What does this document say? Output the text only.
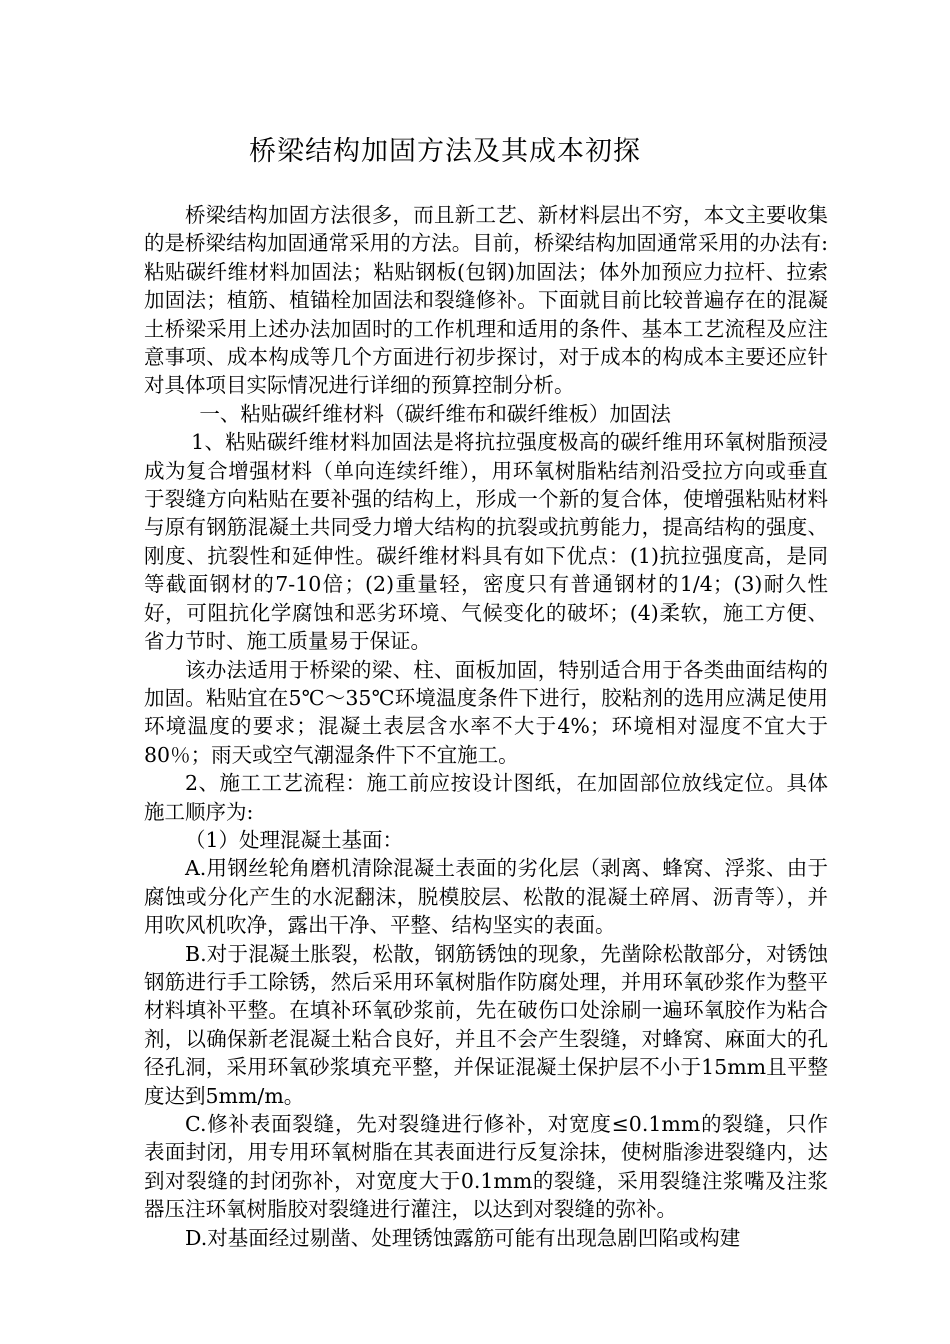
桥梁结构加固方法及其成本初探

桥梁结构加固方法很多，而且新工艺、新材料层出不穷，本文主要收集的是桥梁结构加固通常采用的方法。目前，桥梁结构加固通常采用的办法有:粘贴碳纤维材料加固法；粘贴钢板(包钢)加固法；体外加预应力拉杆、拉索加固法；植筋、植锚栓加固法和裂缝修补。下面就目前比较普遍存在的混凝土桥梁采用上述办法加固时的工作机理和适用的条件、基本工艺流程及应注意事项、成本构成等几个方面进行初步探讨，对于成本的构成本主要还应针对具体项目实际情况进行详细的预算控制分析。

一、粘贴碳纤维材料（碳纤维布和碳纤维板）加固法

1、粘贴碳纤维材料加固法是将抗拉强度极高的碳纤维用环氧树脂预浸成为复合增强材料（单向连续纤维），用环氧树脂粘结剂沿受拉方向或垂直于裂缝方向粘贴在要补强的结构上，形成一个新的复合体，使增强粘贴材料与原有钢筋混凝土共同受力增大结构的抗裂或抗剪能力，提高结构的强度、刚度、抗裂性和延伸性。碳纤维材料具有如下优点：(1)抗拉强度高，是同等截面钢材的7-10倍；(2)重量轻，密度只有普通钢材的1/4；(3)耐久性好，可阻抗化学腐蚀和恶劣环境、气候变化的破坏；(4)柔软，施工方便、省力节时、施工质量易于保证。

该办法适用于桥梁的梁、柱、面板加固，特别适合用于各类曲面结构的加固。粘贴宜在5℃～35℃环境温度条件下进行，胶粘剂的选用应满足使用环境温度的要求；混凝土表层含水率不大于4%；环境相对湿度不宜大于80％；雨天或空气潮湿条件下不宜施工。

2、施工工艺流程：施工前应按设计图纸，在加固部位放线定位。具体施工顺序为:

（1）处理混凝土基面：

A.用钢丝轮角磨机清除混凝土表面的劣化层（剥离、蜂窝、浮浆、由于腐蚀或分化产生的水泥翻沫，脱模胶层、松散的混凝土碎屑、沥青等），并用吹风机吹净，露出干净、平整、结构坚实的表面。

B.对于混凝土胀裂，松散，钢筋锈蚀的现象，先凿除松散部分，对锈蚀钢筋进行手工除锈，然后采用环氧树脂作防腐处理，并用环氧砂浆作为整平材料填补平整。在填补环氧砂浆前，先在破伤口处涂刷一遍环氧胶作为粘合剂，以确保新老混凝土粘合良好，并且不会产生裂缝，对蜂窝、麻面大的孔径孔洞，采用环氧砂浆填充平整，并保证混凝土保护层不小于15mm且平整度达到5mm/m。

C.修补表面裂缝，先对裂缝进行修补，对宽度≤0.1mm的裂缝，只作表面封闭，用专用环氧树脂在其表面进行反复涂抹，使树脂渗进裂缝内，达到对裂缝的封闭弥补，对宽度大于0.1mm的裂缝，采用裂缝注浆嘴及注浆器压注环氧树脂胶对裂缝进行灌注，以达到对裂缝的弥补。

D.对基面经过剔凿、处理锈蚀露筋可能有出现急剧凹陷或构建
